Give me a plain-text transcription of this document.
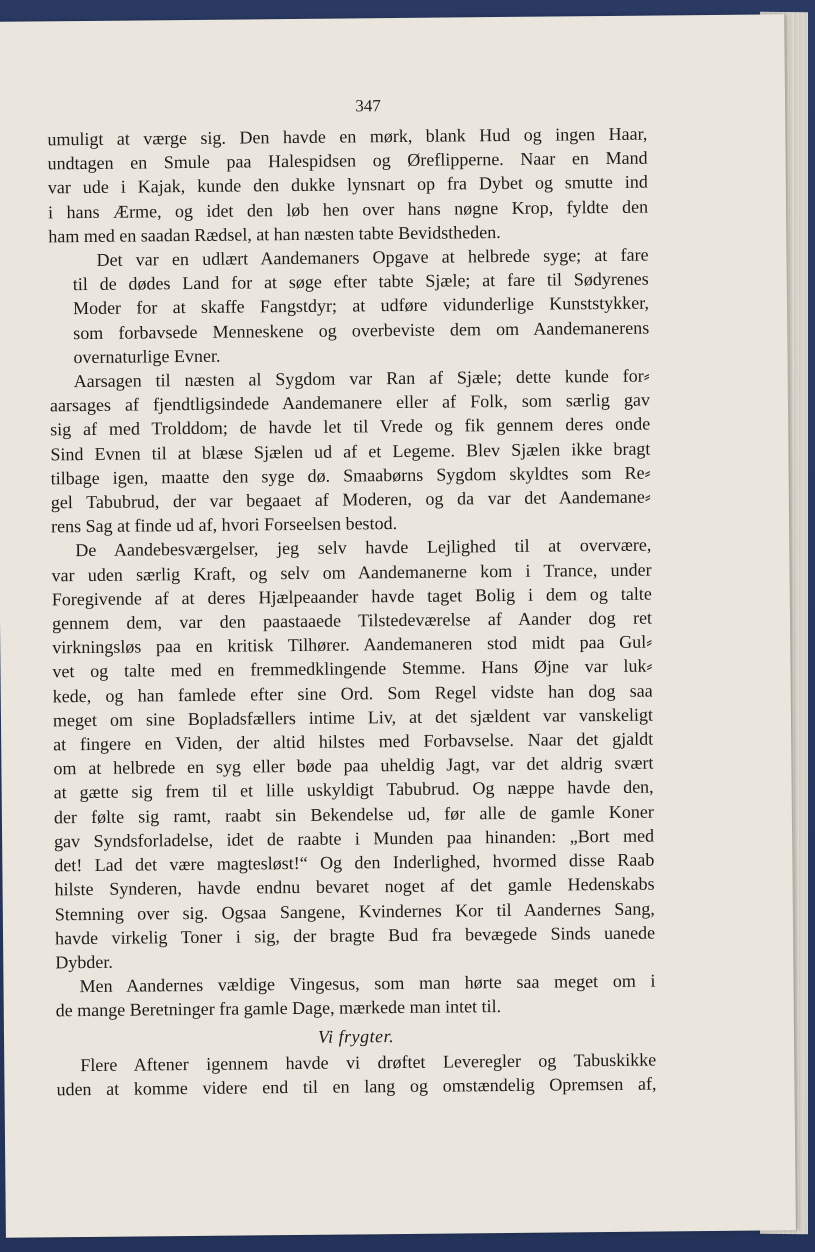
347

umuligt at værge sig. Den havde en mørk, blank Hud og ingen Haar,
undtagen en Smule paa Halespidsen og Øreflipperne. Naar en Mand
var ude i Kajak, kunde den dukke lynsnart op fra Dybet og smutte ind
i hans Ærme, og idet den løb hen over hans nøgne Krop, fyldte den
ham med en saadan Rædsel, at han næsten tabte Bevidstheden.

Det var en udlært Aandemaners Opgave at helbrede syge; at fare
til de dødes Land for at søge efter tabte Sjæle; at fare til Sødyrenes
Moder for at skaffe Fangstdyr; at udføre vidunderlige Kunststykker,
som forbavsede Menneskene og overbeviste dem om Aandemanerens
overnaturlige Evner.

Aarsagen til næsten al Sygdom var Ran af Sjæle; dette kunde for⸗
aarsages af fjendtligsindede Aandemanere eller af Folk, som særlig gav
sig af med Trolddom; de havde let til Vrede og fik gennem deres onde
Sind Evnen til at blæse Sjælen ud af et Legeme. Blev Sjælen ikke bragt
tilbage igen, maatte den syge dø. Smaabørns Sygdom skyldtes som Re⸗
gel Tabubrud, der var begaaet af Moderen, og da var det Aandemane⸗
rens Sag at finde ud af, hvori Forseelsen bestod.

De Aandebesværgelser, jeg selv havde Lejlighed til at overvære,
var uden særlig Kraft, og selv om Aandemanerne kom i Trance, under
Foregivende af at deres Hjælpeaander havde taget Bolig i dem og talte
gennem dem, var den paastaaede Tilstedeværelse af Aander dog ret
virkningsløs paa en kritisk Tilhører. Aandemaneren stod midt paa Gul⸗
vet og talte med en fremmedklingende Stemme. Hans Øjne var luk⸗
kede, og han famlede efter sine Ord. Som Regel vidste han dog saa
meget om sine Bopladsfællers intime Liv, at det sjældent var vanskeligt
at fingere en Viden, der altid hilstes med Forbavselse. Naar det gjaldt
om at helbrede en syg eller bøde paa uheldig Jagt, var det aldrig svært
at gætte sig frem til et lille uskyldigt Tabubrud. Og næppe havde den,
der følte sig ramt, raabt sin Bekendelse ud, før alle de gamle Koner
gav Syndsforladelse, idet de raabte i Munden paa hinanden: „Bort med
det! Lad det være magtesløst!“ Og den Inderlighed, hvormed disse Raab
hilste Synderen, havde endnu bevaret noget af det gamle Hedenskabs
Stemning over sig. Ogsaa Sangene, Kvindernes Kor til Aandernes Sang,
havde virkelig Toner i sig, der bragte Bud fra bevægede Sinds uanede
Dybder.

Men Aandernes vældige Vingesus, som man hørte saa meget om i
de mange Beretninger fra gamle Dage, mærkede man intet til.

Vi frygter.

Flere Aftener igennem havde vi drøftet Leveregler og Tabuskikke
uden at komme videre end til en lang og omstændelig Opremsen af,
